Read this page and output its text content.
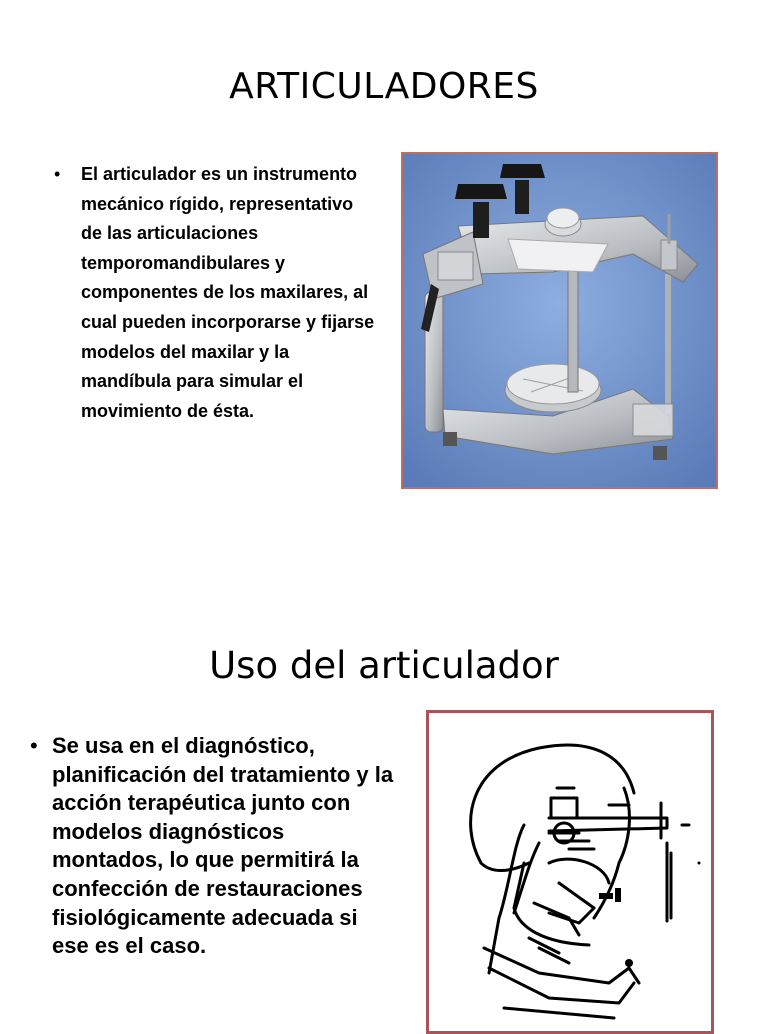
ARTICULADORES
•	El articulador es un instrumento mecánico rígido, representativo de las articulaciones temporomandibulares y componentes de los maxilares, al cual pueden incorporarse y fijarse modelos del maxilar y la mandíbula para simular el movimiento de ésta.
Uso del articulador
• Se usa en el diagnóstico, planificación del tratamiento y la acción terapéutica junto con modelos diagnósticos montados, lo que permitirá la confección de restauraciones fisiológicamente adecuada si ese es el caso.
